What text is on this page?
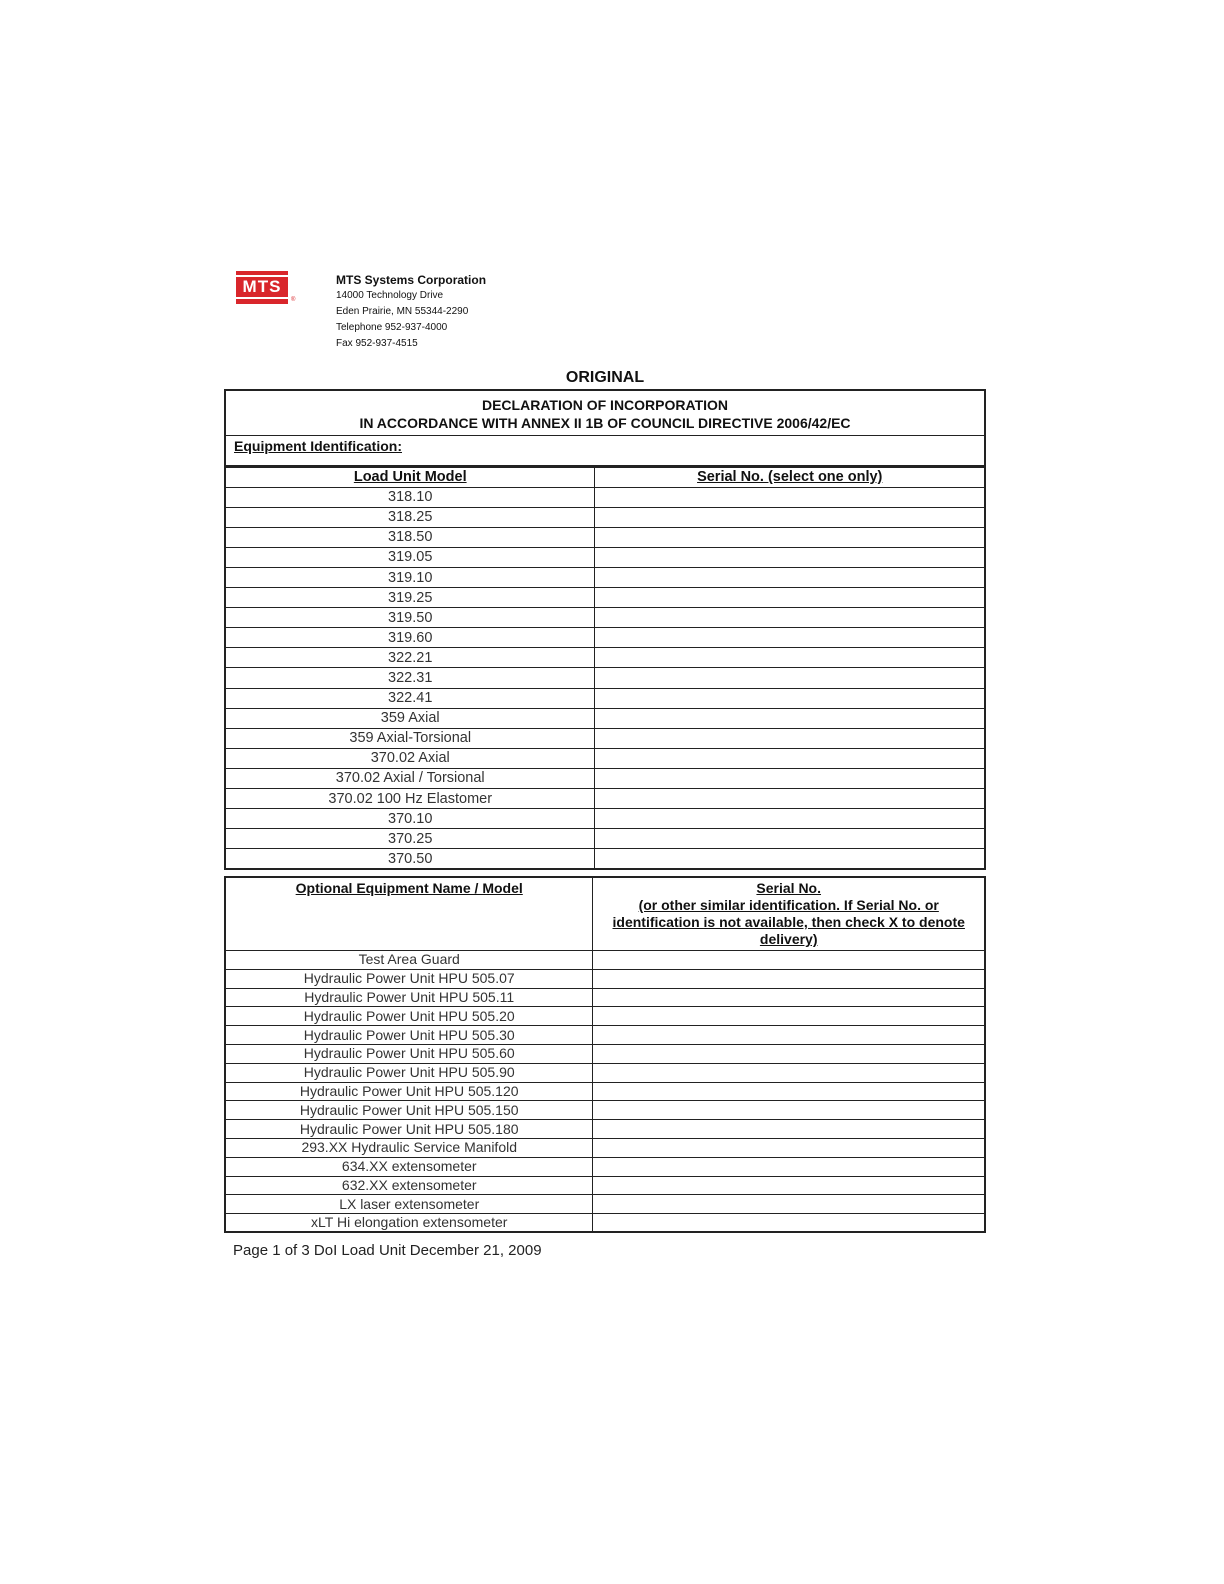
MTS
®
MTS Systems Corporation
14000 Technology Drive
Eden Prairie, MN 55344-2290
Telephone 952-937-4000
Fax 952-937-4515
ORIGINAL
DECLARATION OF INCORPORATION
IN ACCORDANCE WITH ANNEX II 1B OF COUNCIL DIRECTIVE 2006/42/EC
Equipment Identification:
Load Unit Model	Serial No. (select one only)
318.10	
318.25	
318.50	
319.05	
319.10	
319.25	
319.50	
319.60	
322.21	
322.31	
322.41	
359 Axial	
359 Axial-Torsional	
370.02 Axial	
370.02 Axial / Torsional	
370.02 100 Hz Elastomer	
370.10	
370.25	
370.50	
Optional Equipment Name / Model	Serial No.
(or other similar identification. If Serial No. or identification is not available, then check X to denote delivery)

Test Area Guard	
Hydraulic Power Unit HPU 505.07	
Hydraulic Power Unit HPU 505.11	
Hydraulic Power Unit HPU 505.20	
Hydraulic Power Unit HPU 505.30	
Hydraulic Power Unit HPU 505.60	
Hydraulic Power Unit HPU 505.90	
Hydraulic Power Unit HPU 505.120	
Hydraulic Power Unit HPU 505.150	
Hydraulic Power Unit HPU 505.180	
293.XX Hydraulic Service Manifold	
634.XX extensometer	
632.XX extensometer	
LX laser extensometer	
xLT Hi elongation extensometer	
Page 1 of 3 DoI Load Unit December 21, 2009
